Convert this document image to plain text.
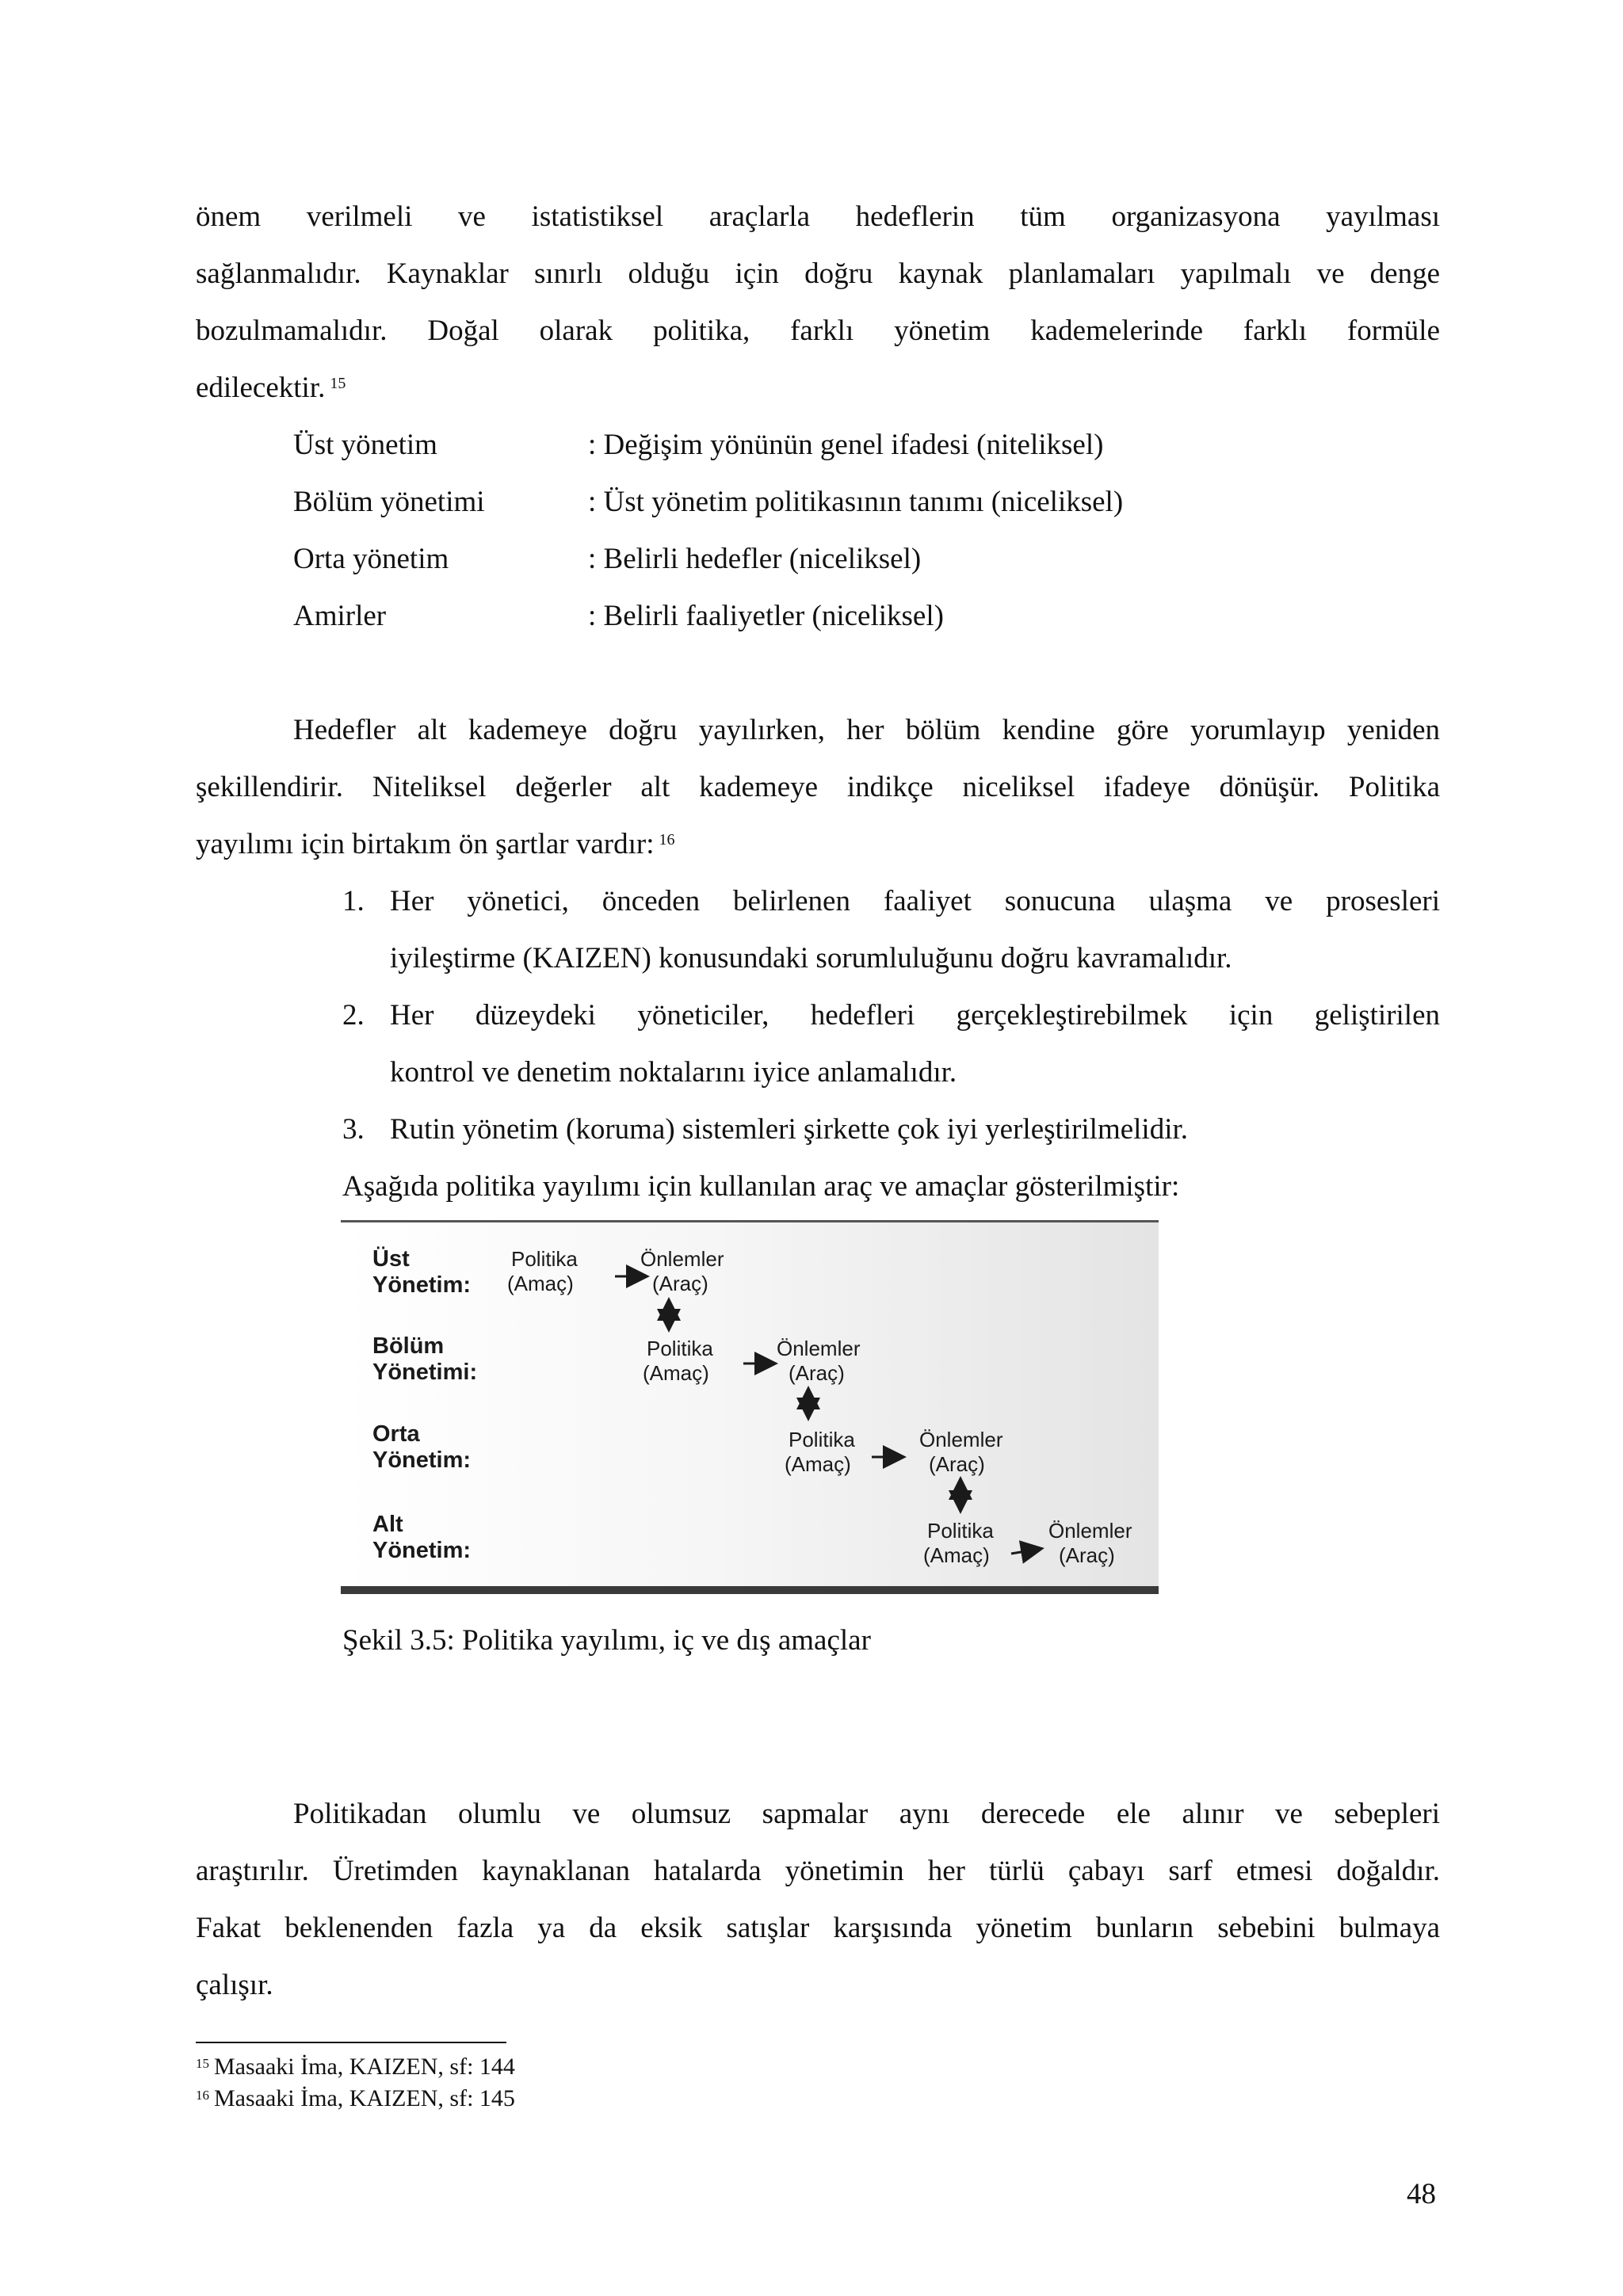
önem verilmeli ve istatistiksel araçlarla hedeflerin tüm organizasyona yayılması
sağlanmalıdır. Kaynaklar sınırlı olduğu için doğru kaynak planlamaları yapılmalı ve denge
bozulmamalıdır. Doğal olarak politika, farklı yönetim kademelerinde farklı formüle
edilecektir. $^{15}$
Üst yönetim	: Değişim yönünün genel ifadesi (niteliksel)
Bölüm yönetimi	: Üst yönetim politikasının tanımı (niceliksel)
Orta yönetim	: Belirli hedefler (niceliksel)
Amirler	: Belirli faaliyetler (niceliksel)
Hedefler alt kademeye doğru yayılırken, her bölüm kendine göre yorumlayıp yeniden
şekillendirir. Niteliksel değerler alt kademeye indikçe niceliksel ifadeye dönüşür. Politika
yayılımı için birtakım ön şartlar vardır: $^{16}$
1. Her yönetici, önceden belirlenen faaliyet sonucuna ulaşma ve prosesleri
iyileştirme (KAIZEN) konusundaki sorumluluğunu doğru kavramalıdır.
2. Her düzeydeki yöneticiler, hedefleri gerçekleştirebilmek için geliştirilen
kontrol ve denetim noktalarını iyice anlamalıdır.
3. Rutin yönetim (koruma) sistemleri şirkette çok iyi yerleştirilmelidir.
Aşağıda politika yayılımı için kullanılan araç ve amaçlar gösterilmiştir:
Üst
Yönetim:
Bölüm
Yönetimi:
Orta
Yönetim:
Alt
Yönetim:
Politika
(Amaç)
Önlemler
(Araç)
Politika
(Amaç)
Önlemler
(Araç)
Politika
(Amaç)
Önlemler
(Araç)
Politika
(Amaç)
Önlemler
(Araç)
Şekil 3.5: Politika yayılımı, iç ve dış amaçlar
Politikadan olumlu ve olumsuz sapmalar aynı derecede ele alınır ve sebepleri
araştırılır. Üretimden kaynaklanan hatalarda yönetimin her türlü çabayı sarf etmesi doğaldır.
Fakat beklenenden fazla ya da eksik satışlar karşısında yönetim bunların sebebini bulmaya
çalışır.
$^{15}$ Masaaki İma, KAIZEN, sf: 144
$^{16}$ Masaaki İma, KAIZEN, sf: 145
48
